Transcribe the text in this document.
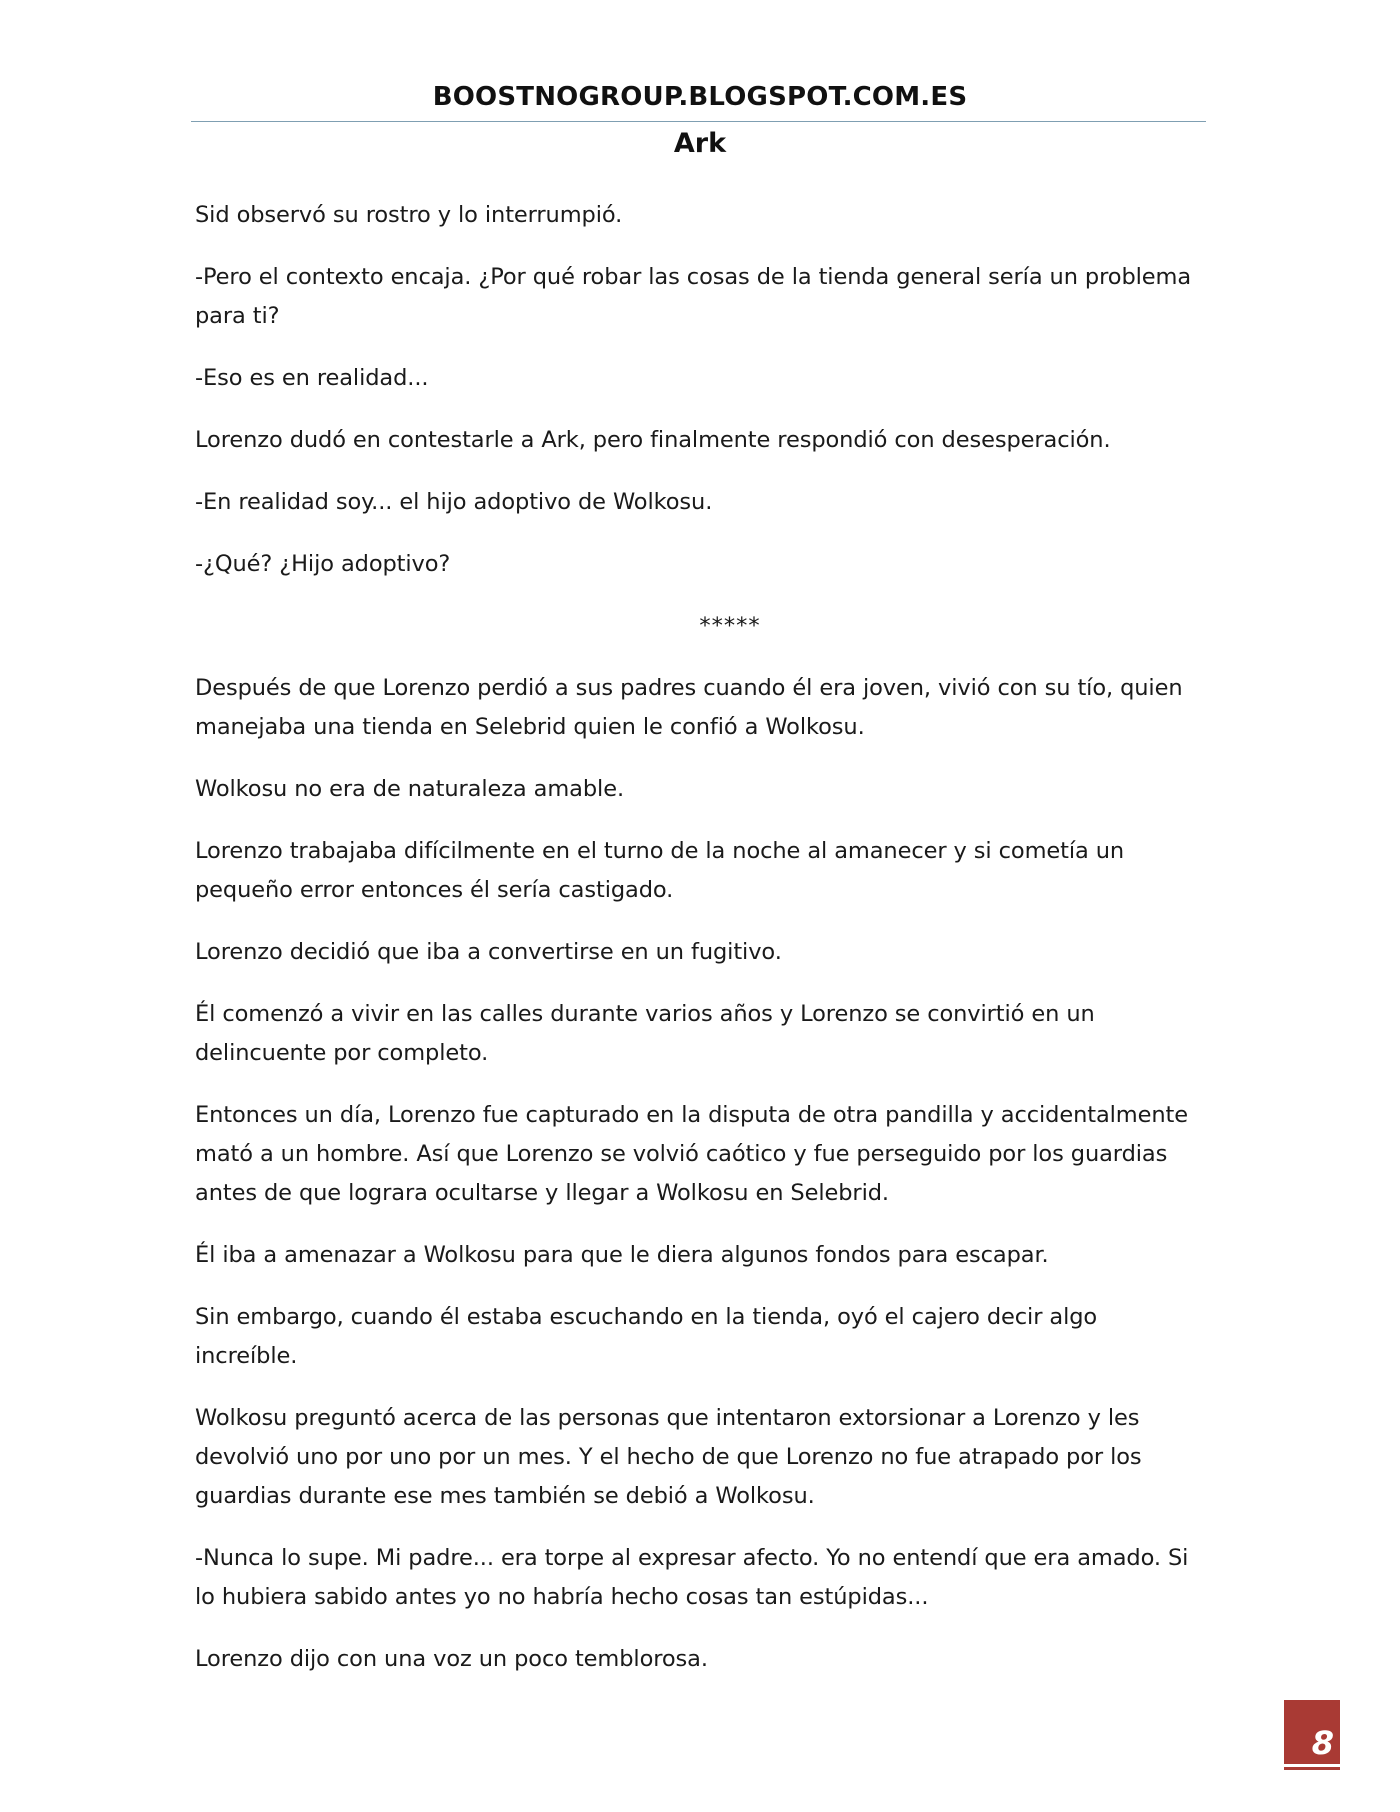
BOOSTNOGROUP.BLOGSPOT.COM.ES
Ark

Sid observó su rostro y lo interrumpió.

-Pero el contexto encaja. ¿Por qué robar las cosas de la tienda general sería un problema para ti?

-Eso es en realidad...

Lorenzo dudó en contestarle a Ark, pero finalmente respondió con desesperación.

-En realidad soy... el hijo adoptivo de Wolkosu.

-¿Qué? ¿Hijo adoptivo?

*****

Después de que Lorenzo perdió a sus padres cuando él era joven, vivió con su tío, quien manejaba una tienda en Selebrid quien le confió a Wolkosu.

Wolkosu no era de naturaleza amable.

Lorenzo trabajaba difícilmente en el turno de la noche al amanecer y si cometía un pequeño error entonces él sería castigado.

Lorenzo decidió que iba a convertirse en un fugitivo.

Él comenzó a vivir en las calles durante varios años y Lorenzo se convirtió en un delincuente por completo.

Entonces un día, Lorenzo fue capturado en la disputa de otra pandilla y accidentalmente mató a un hombre. Así que Lorenzo se volvió caótico y fue perseguido por los guardias antes de que lograra ocultarse y llegar a Wolkosu en Selebrid.

Él iba a amenazar a Wolkosu para que le diera algunos fondos para escapar.

Sin embargo, cuando él estaba escuchando en la tienda, oyó el cajero decir algo increíble.

Wolkosu preguntó acerca de las personas que intentaron extorsionar a Lorenzo y les devolvió uno por uno por un mes. Y el hecho de que Lorenzo no fue atrapado por los guardias durante ese mes también se debió a Wolkosu.

-Nunca lo supe. Mi padre... era torpe al expresar afecto. Yo no entendí que era amado. Si lo hubiera sabido antes yo no habría hecho cosas tan estúpidas...

Lorenzo dijo con una voz un poco temblorosa.

8
